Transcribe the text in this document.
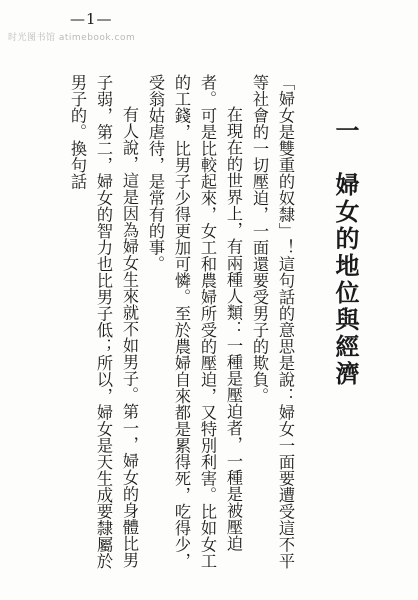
—1—
时光图书馆 atimebook.com
一　婦女的地位與經濟

「婦女是雙重的奴隸」！這句話的意思是說：婦女一面要遭受這不平等社會的一切壓迫，一面還要受男子的欺負。

在現在的世界上，有兩種人類：一種是壓迫者，一種是被壓迫者。可是比較起來，女工和農婦所受的壓迫，又特別利害。比如女工的工錢，比男子少得更加可憐。至於農婦自來都是累得死，吃得少，受翁姑虐待，是常有的事。

有人說，這是因為婦女生來就不如男子。第一，婦女的身體比男子弱，第二，婦女的智力也比男子低；所以，婦女是天生成要隸屬於男子的。換句話
